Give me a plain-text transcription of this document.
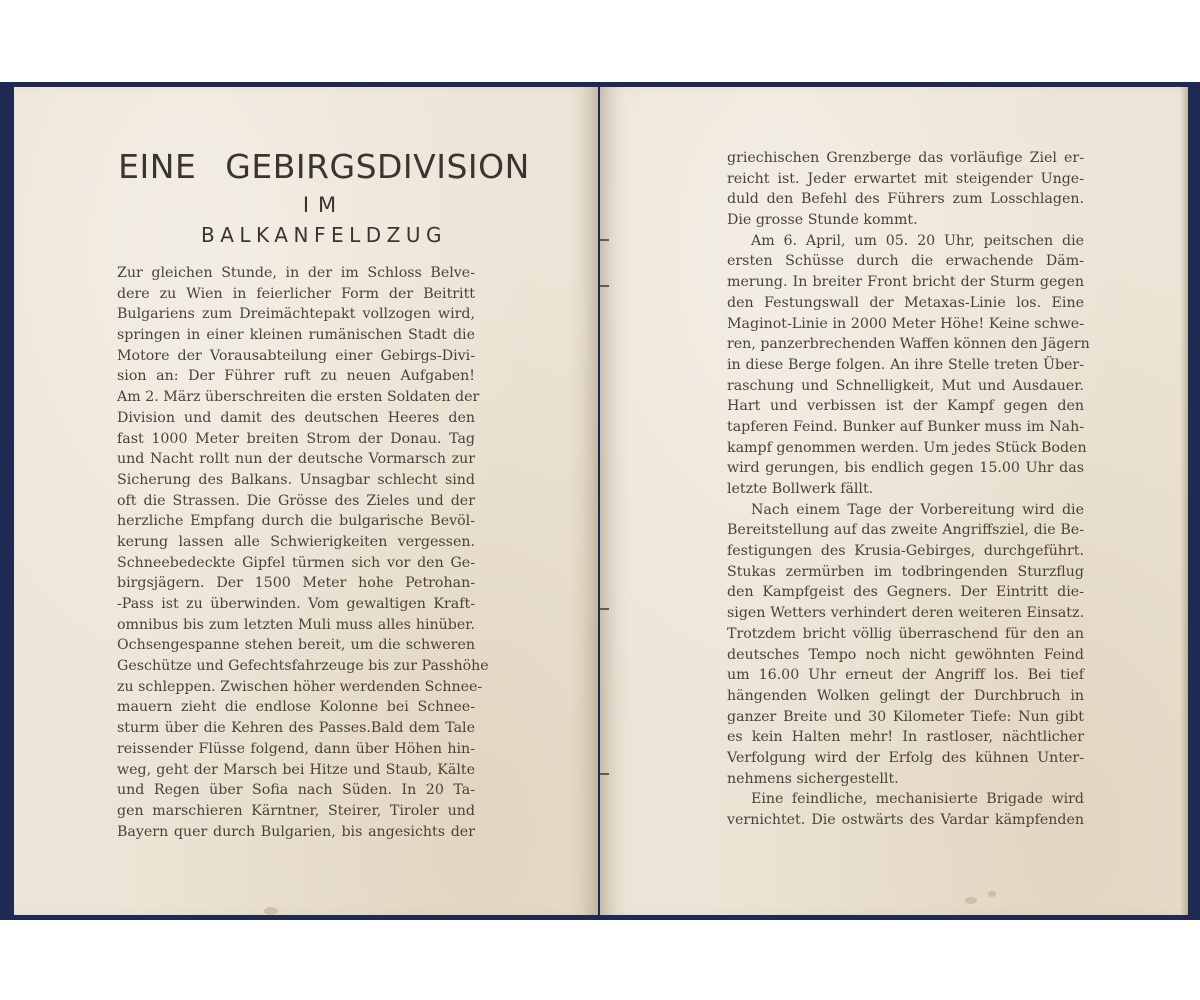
EINE GEBIRGSDIVISION
IM
BALKANFELDZUG
Zur gleichen Stunde, in der im Schloss Belve-
dere zu Wien in feierlicher Form der Beitritt
Bulgariens zum Dreimächtepakt vollzogen wird,
springen in einer kleinen rumänischen Stadt die
Motore der Vorausabteilung einer Gebirgs-Divi-
sion an: Der Führer ruft zu neuen Aufgaben!
Am 2. März überschreiten die ersten Soldaten der
Division und damit des deutschen Heeres den
fast 1000 Meter breiten Strom der Donau. Tag
und Nacht rollt nun der deutsche Vormarsch zur
Sicherung des Balkans. Unsagbar schlecht sind
oft die Strassen. Die Grösse des Zieles und der
herzliche Empfang durch die bulgarische Bevöl-
kerung lassen alle Schwierigkeiten vergessen.
Schneebedeckte Gipfel türmen sich vor den Ge-
birgsjägern. Der 1500 Meter hohe Petrohan-
-Pass ist zu überwinden. Vom gewaltigen Kraft-
omnibus bis zum letzten Muli muss alles hinüber.
Ochsengespanne stehen bereit, um die schweren
Geschütze und Gefechtsfahrzeuge bis zur Passhöhe
zu schleppen. Zwischen höher werdenden Schnee-
mauern zieht die endlose Kolonne bei Schnee-
sturm über die Kehren des Passes.Bald dem Tale
reissender Flüsse folgend, dann über Höhen hin-
weg, geht der Marsch bei Hitze und Staub, Kälte
und Regen über Sofia nach Süden. In 20 Ta-
gen marschieren Kärntner, Steirer, Tiroler und
Bayern quer durch Bulgarien, bis angesichts der
griechischen Grenzberge das vorläufige Ziel er-
reicht ist. Jeder erwartet mit steigender Unge-
duld den Befehl des Führers zum Losschlagen.
Die grosse Stunde kommt.
Am 6. April, um 05. 20 Uhr, peitschen die
ersten Schüsse durch die erwachende Däm-
merung. In breiter Front bricht der Sturm gegen
den Festungswall der Metaxas-Linie los. Eine
Maginot-Linie in 2000 Meter Höhe! Keine schwe-
ren, panzerbrechenden Waffen können den Jägern
in diese Berge folgen. An ihre Stelle treten Über-
raschung und Schnelligkeit, Mut und Ausdauer.
Hart und verbissen ist der Kampf gegen den
tapferen Feind. Bunker auf Bunker muss im Nah-
kampf genommen werden. Um jedes Stück Boden
wird gerungen, bis endlich gegen 15.00 Uhr das
letzte Bollwerk fällt.
Nach einem Tage der Vorbereitung wird die
Bereitstellung auf das zweite Angriffsziel, die Be-
festigungen des Krusia-Gebirges, durchgeführt.
Stukas zermürben im todbringenden Sturzflug
den Kampfgeist des Gegners. Der Eintritt die-
sigen Wetters verhindert deren weiteren Einsatz.
Trotzdem bricht völlig überraschend für den an
deutsches Tempo noch nicht gewöhnten Feind
um 16.00 Uhr erneut der Angriff los. Bei tief
hängenden Wolken gelingt der Durchbruch in
ganzer Breite und 30 Kilometer Tiefe: Nun gibt
es kein Halten mehr! In rastloser, nächtlicher
Verfolgung wird der Erfolg des kühnen Unter-
nehmens sichergestellt.
Eine feindliche, mechanisierte Brigade wird
vernichtet. Die ostwärts des Vardar kämpfenden
